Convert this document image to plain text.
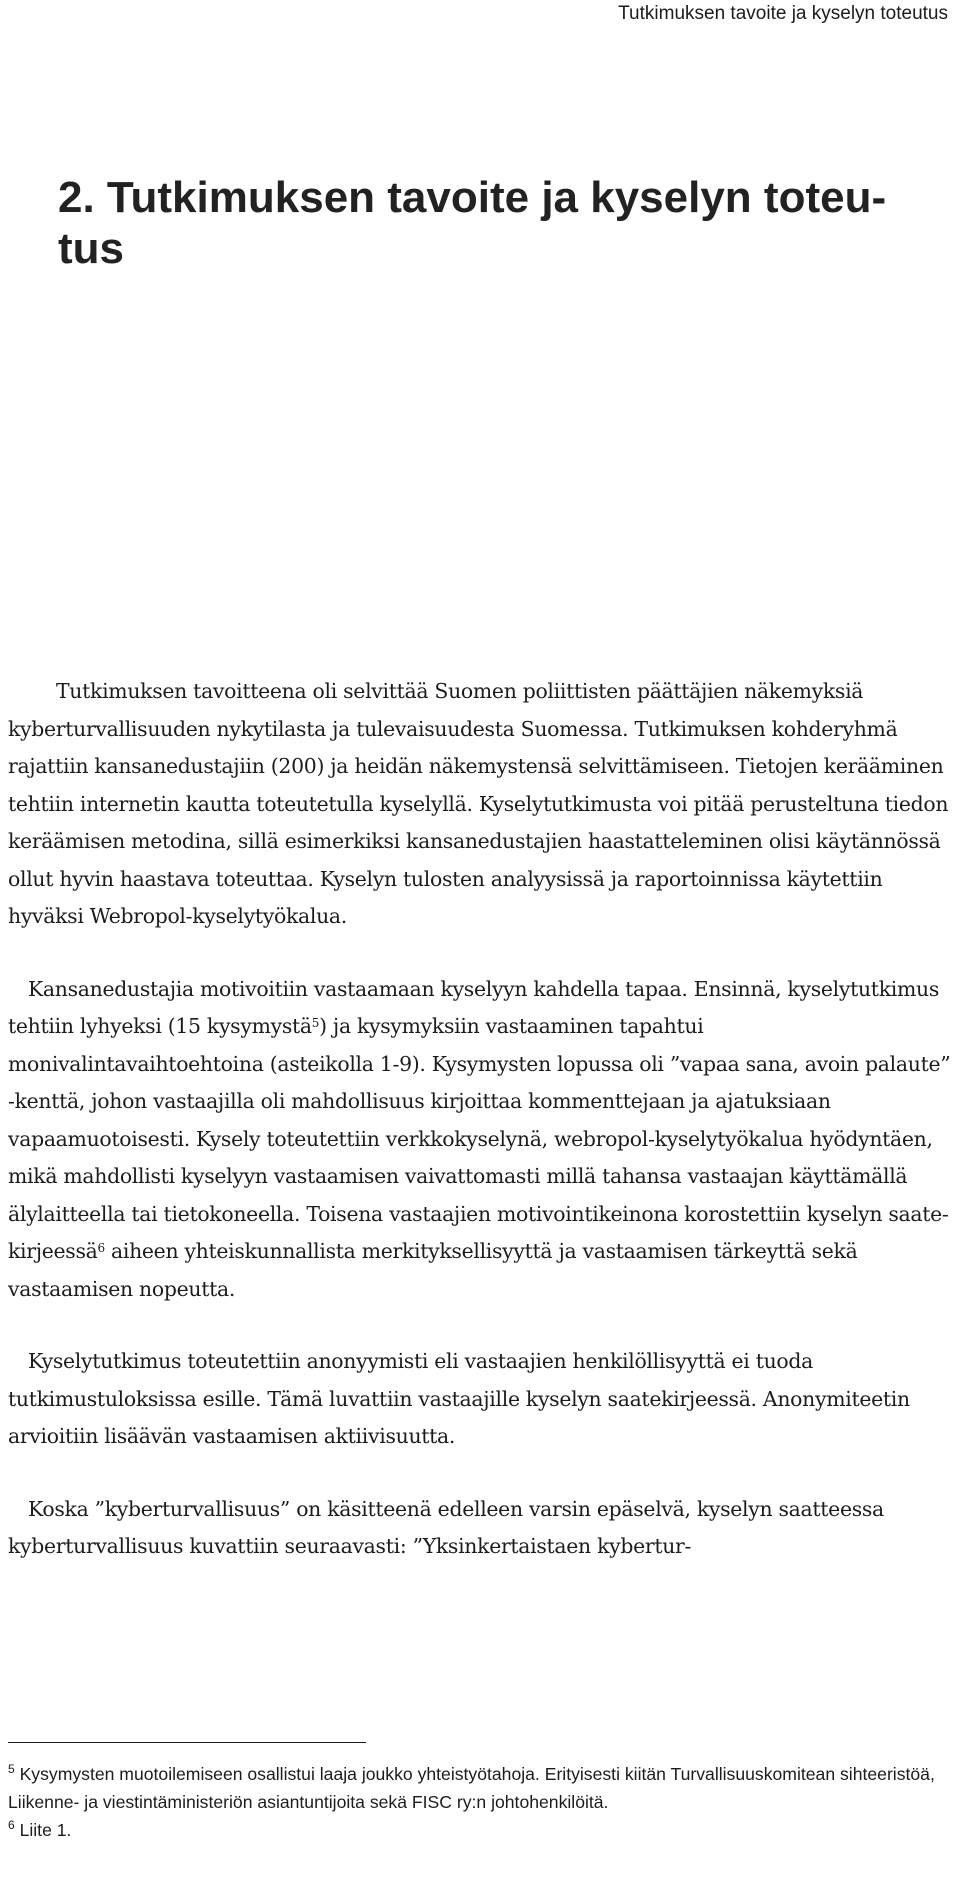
Tutkimuksen tavoite ja kyselyn toteutus

2. Tutkimuksen tavoite ja kyselyn toteu-tus

Tutkimuksen tavoitteena oli selvittää Suomen poliittisten päättäjien näkemyksiä kyberturvallisuuden nykytilasta ja tulevaisuudesta Suomessa. Tutkimuksen kohderyhmä rajattiin kansanedustajiin (200) ja heidän näkemystensä selvittämiseen. Tietojen kerääminen tehtiin internetin kautta toteutetulla kyselyllä. Kyselytutkimusta voi pitää perusteltuna tiedon keräämisen metodina, sillä esimerkiksi kansanedustajien haastatteleminen olisi käytännössä ollut hyvin haastava toteuttaa. Kyselyn tulosten analyysissä ja raportoinnissa käytettiin hyväksi Webropol-kyselytyökalua.

Kansanedustajia motivoitiin vastaamaan kyselyyn kahdella tapaa. Ensinnä, kyselytutkimus tehtiin lyhyeksi (15 kysymystä$^5$) ja kysymyksiin vastaaminen tapahtui monivalintavaihtoehtoina (asteikolla 1-9). Kysymysten lopussa oli ”vapaa sana, avoin palaute” -kenttä, johon vastaajilla oli mahdollisuus kirjoittaa kommenttejaan ja ajatuksiaan vapaamuotoisesti. Kysely toteutettiin verkkokyselynä, webropol-kyselytyökalua hyödyntäen, mikä mahdollisti kyselyyn vastaamisen vaivattomasti millä tahansa vastaajan käyttämällä älylaitteella tai tietokoneella. Toisena vastaajien motivointikeinona korostettiin kyselyn saatekirjeessä$^6$ aiheen yhteiskunnallista merkityksellisyyttä ja vastaamisen tärkeyttä sekä vastaamisen nopeutta.

Kyselytutkimus toteutettiin anonyymisti eli vastaajien henkilöllisyyttä ei tuoda tutkimustuloksissa esille. Tämä luvattiin vastaajille kyselyn saatekirjeessä. Anonymiteetin arvioitiin lisäävän vastaamisen aktiivisuutta.

Koska ”kyberturvallisuus” on käsitteenä edelleen varsin epäselvä, kyselyn saatteessa kyberturvallisuus kuvattiin seuraavasti: ”Yksinkertaistaen kybertur-

$^5$ Kysymysten muotoilemiseen osallistui laaja joukko yhteistyötahoja. Erityisesti kiitän Turvallisuuskomitean sihteeristöä, Liikenne- ja viestintäministeriön asiantuntijoita sekä FISC ry:n johtohenkilöitä.

$^6$ Liite 1.
